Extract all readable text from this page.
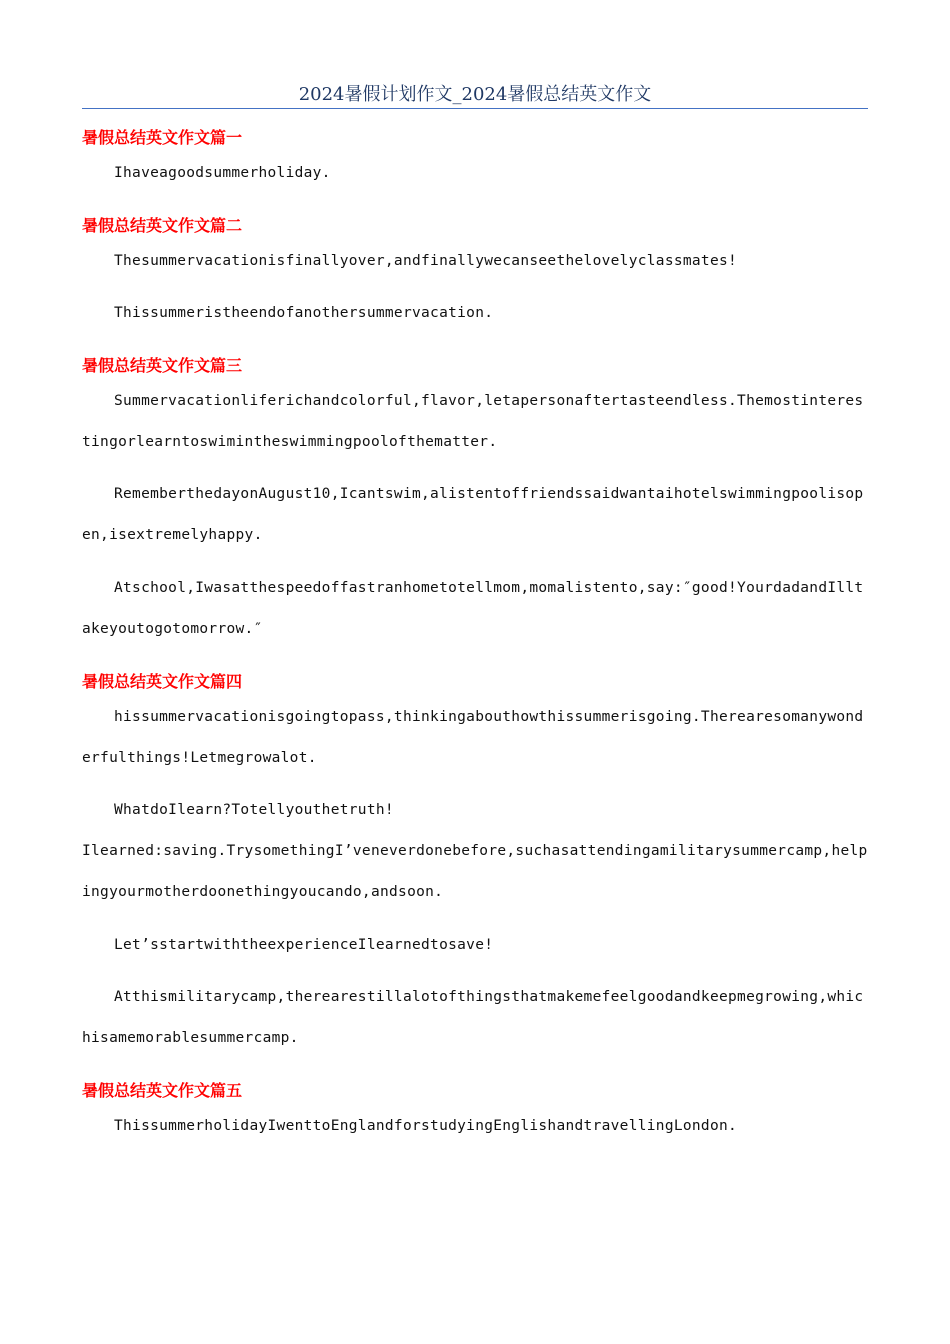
2024暑假计划作文_2024暑假总结英文作文
暑假总结英文作文篇一
Ihaveagoodsummerholiday.
暑假总结英文作文篇二
Thesummervacationisfinallyover,andfinallywecanseethelovelyclassmates!
Thissummeristheendofanothersummervacation.
暑假总结英文作文篇三
Summervacationliferichandcolorful,flavor,letapersonaftertasteendless.Themostinterestingorlearntoswimintheswimmingpoolofthematter.
RememberthedayonAugust10,Icantswim,alistentoffriendssaidwantaihotelswimmingpoolisopen,isextremelyhappy.
Atschool,Iwasatthespeedoffastranhometotellmom,momalistento,say:″good!YourdadandIlltakeyoutogotomorrow.″
暑假总结英文作文篇四
hissummervacationisgoingtopass,thinkingabouthowthissummerisgoing.Therearesomanywonderfulthings!Letmegrowalot.
WhatdoIlearn?Totellyouthetruth!
Ilearned:saving.TrysomethingI’veneverdonebefore,suchasattendingamilitarysummercamp,helpingyourmotherdoonethingyoucando,andsoon.
Let’sstartwiththeexperienceIlearnedtosave!
Atthismilitarycamp,therearestillalotofthingsthatmakemefeelgoodandkeepmegrowing,whichisamemorablesummercamp.
暑假总结英文作文篇五
ThissummerholidayIwenttoEnglandforstudyingEnglishandtravellingLondon.
